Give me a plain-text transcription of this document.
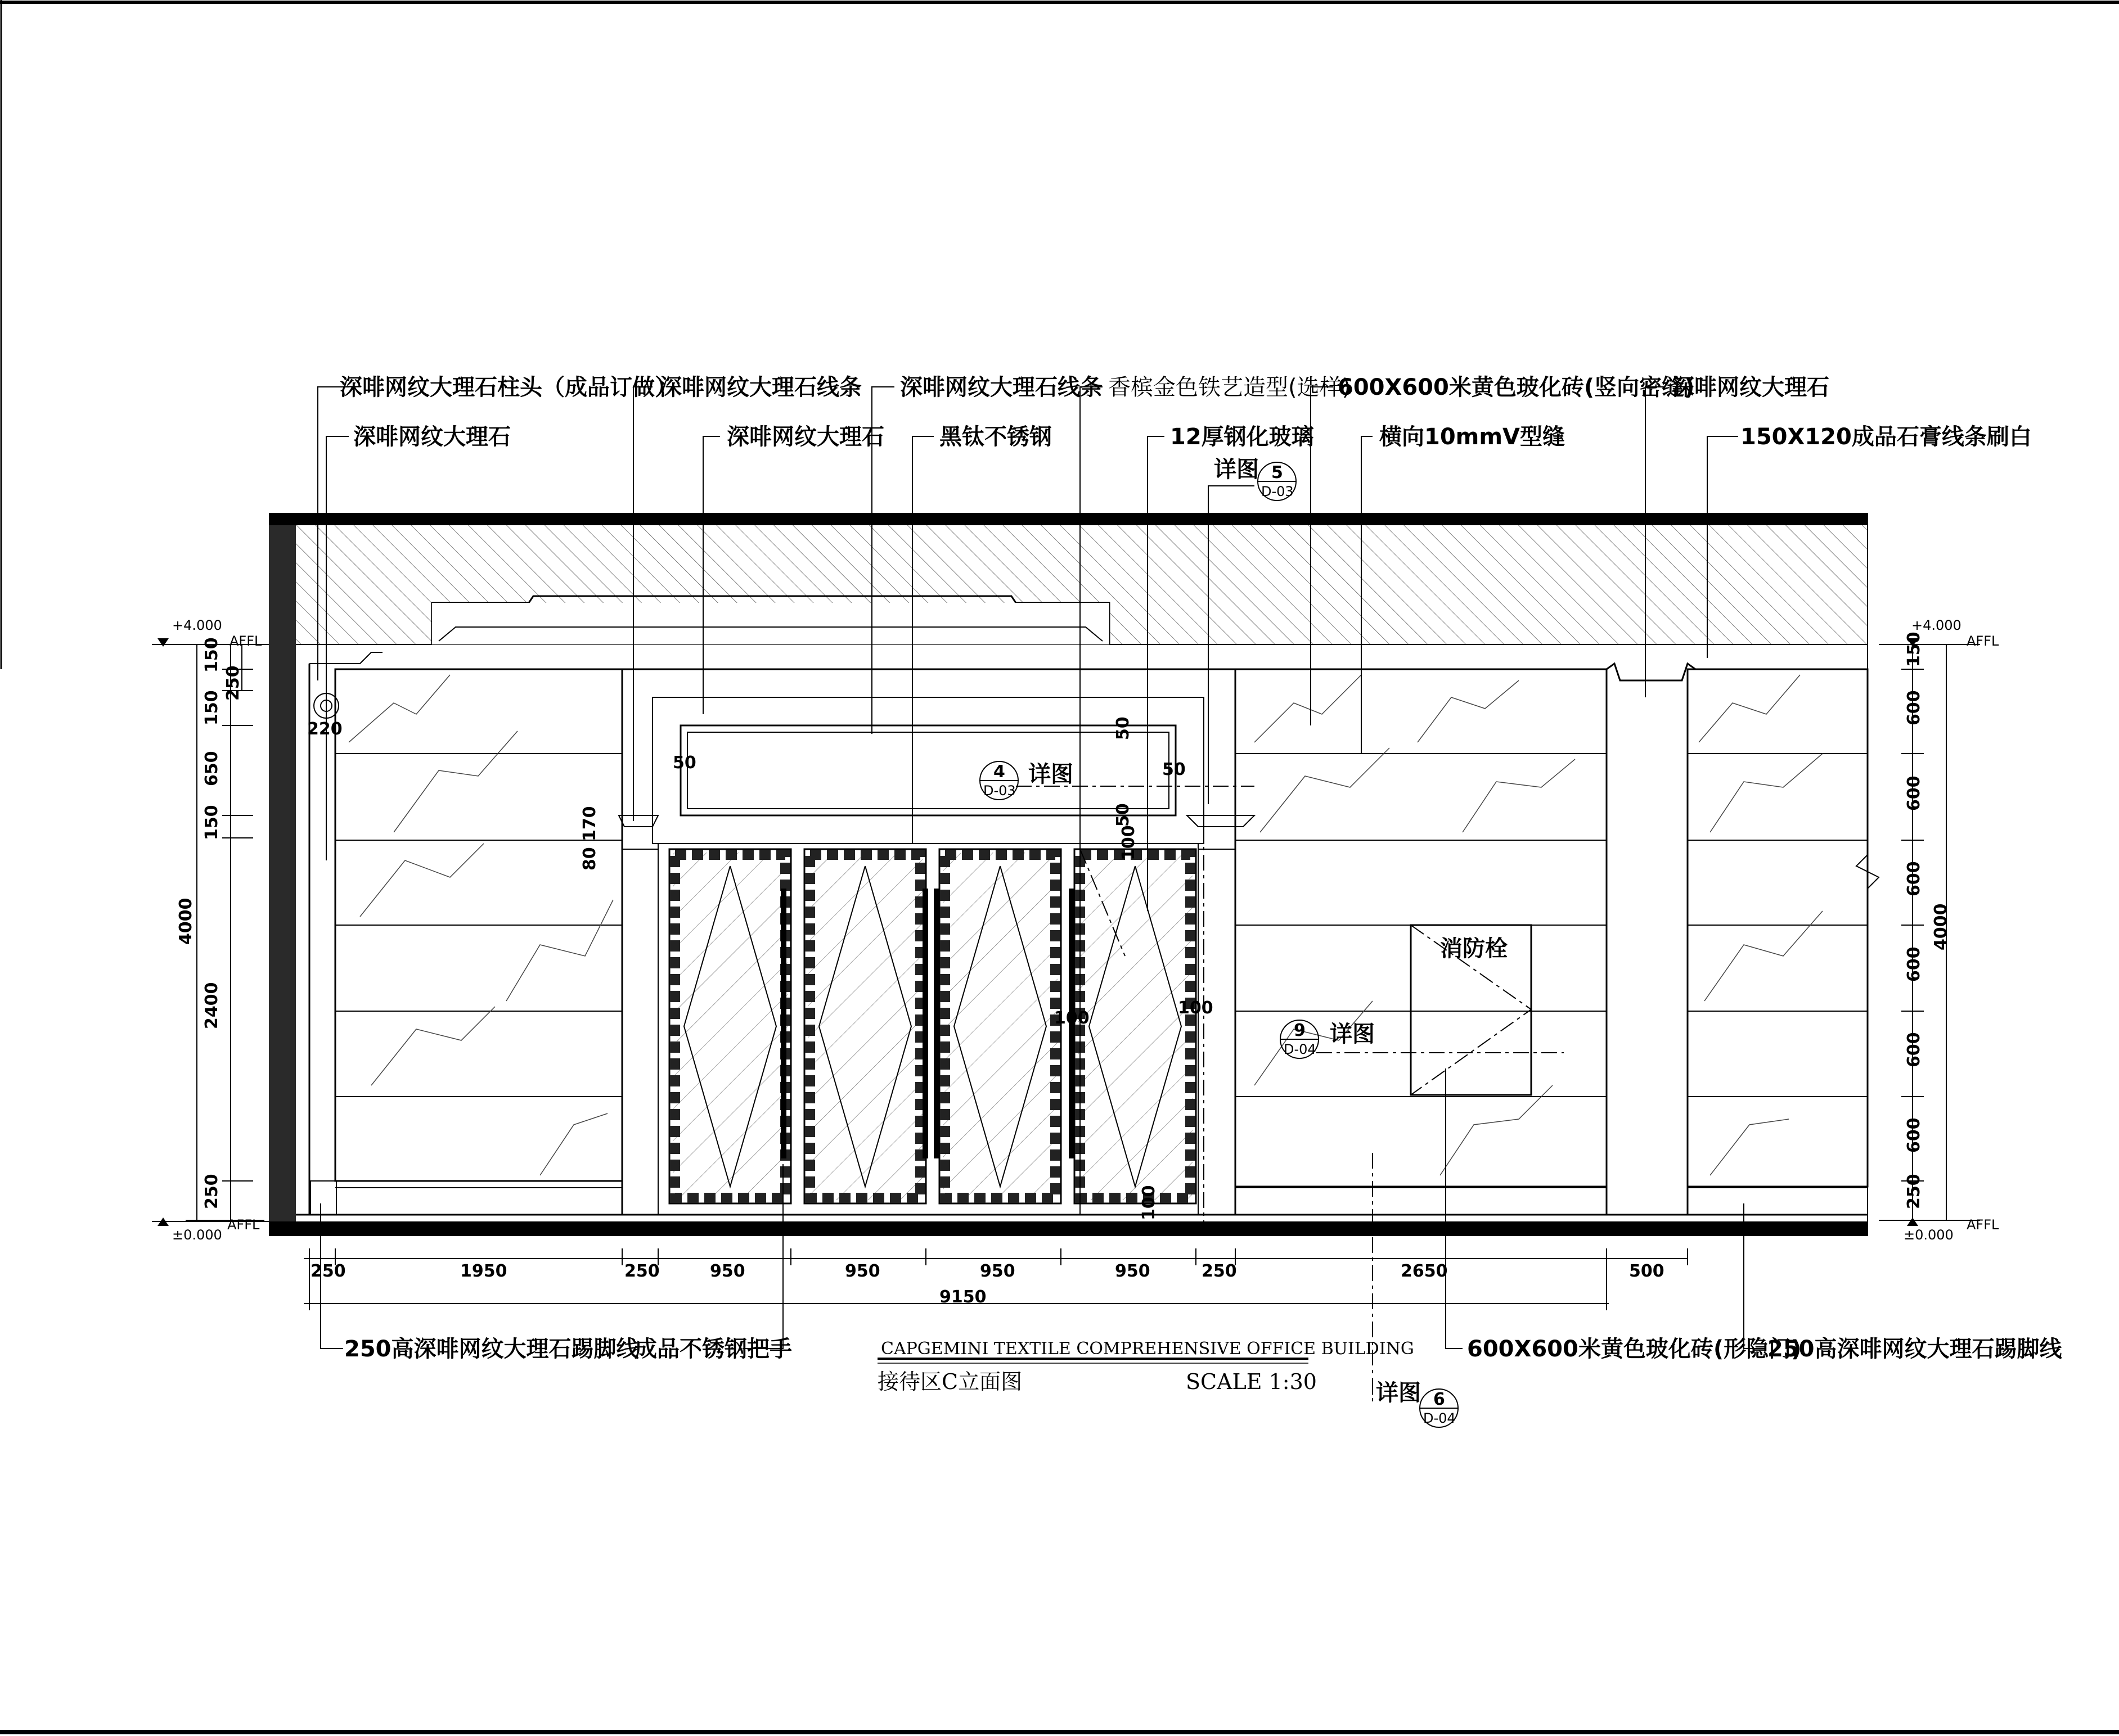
深啡网纹大理石柱头（成品订做）
深啡网纹大理石
深啡网纹大理石线条
深啡网纹大理石
深啡网纹大理石线条
黑钛不锈钢
香槟金色铁艺造型(选样)
12厚钢化玻璃
600X600米黄色玻化砖(竖向密缝)
横向10mmV型缝
深啡网纹大理石
150X120成品石膏线条刷白
250高深啡网纹大理石踢脚线
成品不锈钢把手	600X600米黄色玻化砖(形隐门)
250高深啡网纹大理石踢脚线
详图 5
D-03
4
D-03
详图
9
D-04
详图
详图 6
D-04
消防栓
+4.000
AFFL
±0.000
AFFL
+4.000
AFFL
±0.000
AFFL
4000
150
250
150
650
150
2400
250
220
4000
150
600
600
600
600
600
600
250
50	50
50
50
170
80	100
100
100
100
250	1950	250	950	950	950	950	250	2650	500
9150
CAPGEMINI TEXTILE COMPREHENSIVE OFFICE BUILDING
接待区C立面图	SCALE 1:30
